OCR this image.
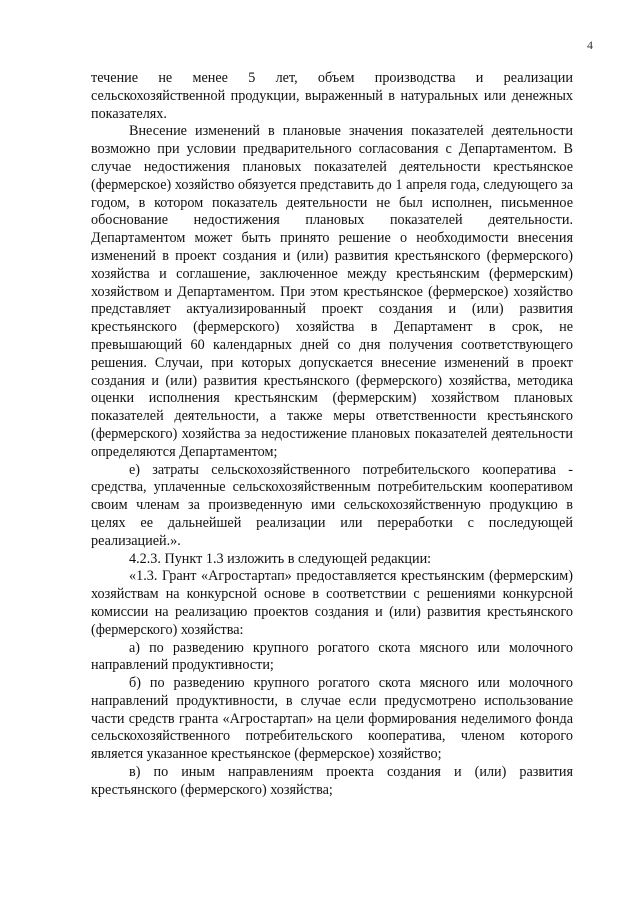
4

течение не менее 5 лет, объем производства и реализации сельскохозяйственной продукции, выраженный в натуральных или денежных показателях.

Внесение изменений в плановые значения показателей деятельности возможно при условии предварительного согласования с Департаментом. В случае недостижения плановых показателей деятельности крестьянское (фермерское) хозяйство обязуется представить до 1 апреля года, следующего за годом, в котором показатель деятельности не был исполнен, письменное обоснование недостижения плановых показателей деятельности. Департаментом может быть принято решение о необходимости внесения изменений в проект создания и (или) развития крестьянского (фермерского) хозяйства и соглашение, заключенное между крестьянским (фермерским) хозяйством и Департаментом. При этом крестьянское (фермерское) хозяйство представляет актуализированный проект создания и (или) развития крестьянского (фермерского) хозяйства в Департамент в срок, не превышающий 60 календарных дней со дня получения соответствующего решения. Случаи, при которых допускается внесение изменений в проект создания и (или) развития крестьянского (фермерского) хозяйства, методика оценки исполнения крестьянским (фермерским) хозяйством плановых показателей деятельности, а также меры ответственности крестьянского (фермерского) хозяйства за недостижение плановых показателей деятельности определяются Департаментом;

е) затраты сельскохозяйственного потребительского кооператива - средства, уплаченные сельскохозяйственным потребительским кооперативом своим членам за произведенную ими сельскохозяйственную продукцию в целях ее дальнейшей реализации или переработки с последующей реализацией.».

4.2.3. Пункт 1.3 изложить в следующей редакции:

«1.3. Грант «Агростартап» предоставляется крестьянским (фермерским) хозяйствам на конкурсной основе в соответствии с решениями конкурсной комиссии на реализацию проектов создания и (или) развития крестьянского (фермерского) хозяйства:

а) по разведению крупного рогатого скота мясного или молочного направлений продуктивности;

б) по разведению крупного рогатого скота мясного или молочного направлений продуктивности, в случае если предусмотрено использование части средств гранта «Агростартап» на цели формирования неделимого фонда сельскохозяйственного потребительского кооператива, членом которого является указанное крестьянское (фермерское) хозяйство;

в) по иным направлениям проекта создания и (или) развития крестьянского (фермерского) хозяйства;
